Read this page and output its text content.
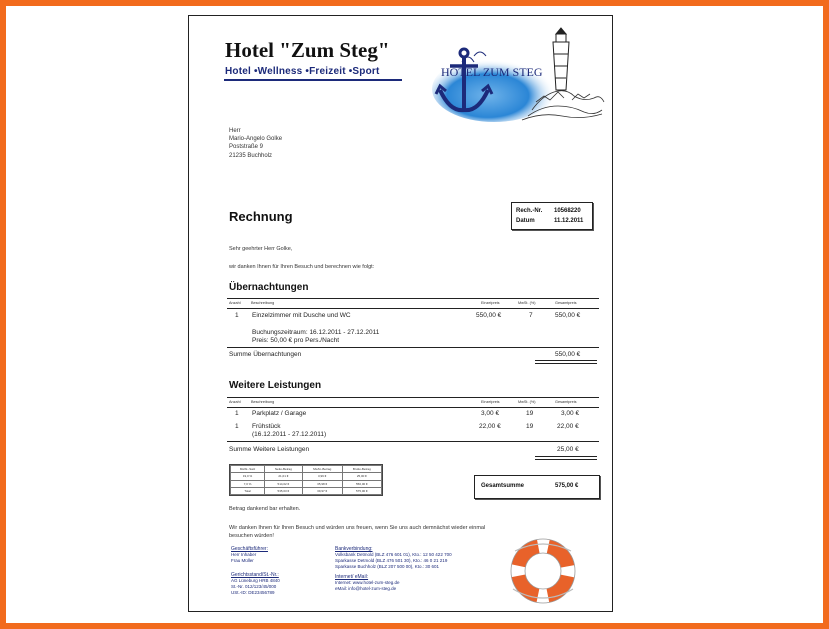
Hotel "Zum Steg"
Hotel •Wellness •Freizeit •Sport	HOTEL ZUM STEG
Herr
Mario-Angelo Golke
Poststraße 9
21235 Buchholz
Rechnung	Rech.-Nr. 10568220
Datum	11.12.2011
Sehr geehrter Herr Golke,
wir danken Ihnen für Ihren Besuch und berechnen wie folgt:
Übernachtungen
Anzahl	Beschreibung	Einzelpreis	MwSt. (%)	Gesamtpreis
1 Einzelzimmer mit Dusche und WC	550,00 €	7	550,00 €
Buchungszeitraum: 16.12.2011 - 27.12.2011
Preis: 50,00 € pro Pers./Nacht
Summe Übernachtungen	550,00 €
Weitere Leistungen
Anzahl	Beschreibung	Einzelpreis	MwSt. (%)	Gesamtpreis
1 Parkplatz / Garage	3,00 €	19	3,00 €
1 Frühstück	22,00 €	19	22,00 €
(16.12.2011 - 27.12.2011)
Summe Weitere Leistungen	25,00 €
MwSt.-Satz	Netto-Betrag	MwSt.-Betrag	Brutto-Betrag
19,0 %	21,01 €	3,99 €	25,00 €
7,0 %	514,02 €	35,98 €	550,00 €
Total	535,03 €	39,97 €	575,00 €
Gesamtsumme	575,00 €
Betrag dankend bar erhalten.
Wir danken Ihnen für Ihren Besuch und würden uns freuen, wenn Sie uns auch demnächst wieder einmal
besuchen würden!
Geschäftsführer:
Herr Inhaber
Frau Müller
Gerichtsstand/St.-Nr.:
AG Lüneburg HRB 4840
St.-Nr. 012/123/45/000
USt.-ID: DE23456789
Bankverbindung:
Volksbank Detmold (BLZ 476 601 01), Kto.: 12 50 422 700
Sparkasse Detmold (BLZ 476 501 30), Kto.: 46 0 21 219
Sparkasse Buchholz (BLZ 207 500 00), Kto.: 30 601
Internet/ eMail:
Internet: www.hotel-zum-steg.de
eMail: info@hotel-zum-steg.de
